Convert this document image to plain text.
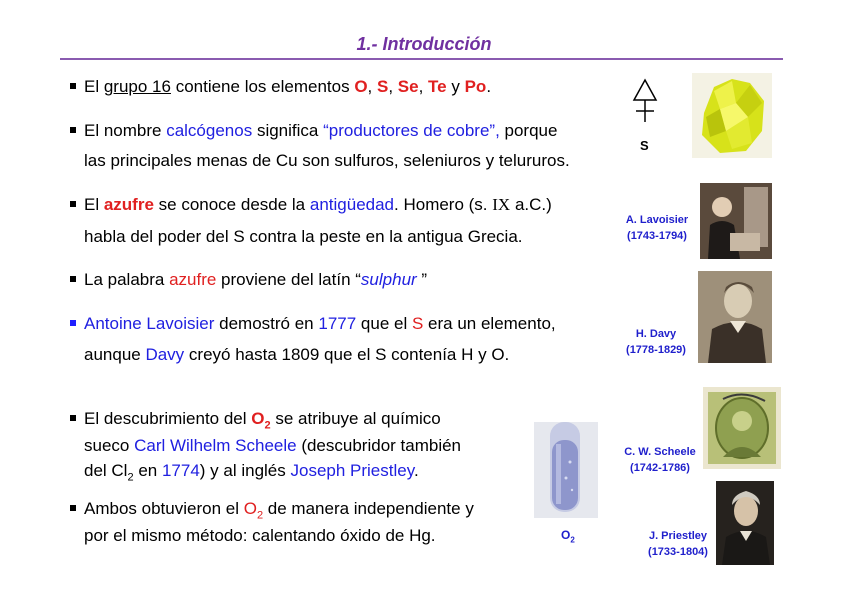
1.- Introducción
El grupo 16 contiene los elementos O, S, Se, Te y Po.
El nombre calcógenos significa “productores de cobre”, porque
las principales menas de Cu son sulfuros, seleniuros y telururos.
El azufre se conoce desde la antigüedad. Homero (s. IX a.C.)
habla del poder del S contra la peste en la antigua Grecia.
La palabra azufre proviene del latín “sulphur ”
Antoine Lavoisier demostró en 1777 que el S era un elemento,
aunque Davy creyó hasta 1809 que el S contenía H y O.
El descubrimiento del $O_2$ se atribuye al químico
sueco Carl Wilhelm Scheele (descubridor también
del $Cl_2$ en 1774) y al inglés Joseph Priestley.
Ambos obtuvieron el $O_2$ de manera independiente y
por el mismo método: calentando óxido de Hg.
S
A. Lavoisier
(1743-1794)
H. Davy
(1778-1829)
C. W. Scheele
(1742-1786)
J. Priestley
(1733-1804)
$O_2$
